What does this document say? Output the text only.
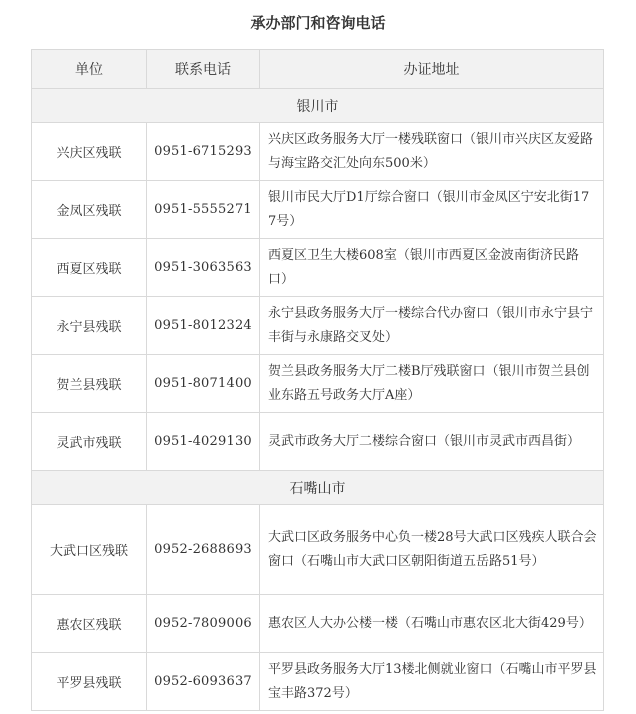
承办部门和咨询电话
单位	联系电话	办证地址
银川市		
兴庆区残联	0951-6715293	兴庆区政务服务大厅一楼残联窗口（银川市兴庆区友爱路与海宝路交汇处向东500米）
金凤区残联	0951-5555271	银川市民大厅D1厅综合窗口（银川市金凤区宁安北街177号）
西夏区残联	0951-3063563	西夏区卫生大楼608室（银川市西夏区金波南街济民路口）
永宁县残联	0951-8012324	永宁县政务服务大厅一楼综合代办窗口（银川市永宁县宁丰街与永康路交叉处）
贺兰县残联	0951-8071400	贺兰县政务服务大厅二楼B厅残联窗口（银川市贺兰县创业东路五号政务大厅A座）
灵武市残联	0951-4029130	灵武市政务大厅二楼综合窗口（银川市灵武市西昌街）
石嘴山市		
大武口区残联	0952-2688693	大武口区政务服务中心负一楼28号大武口区残疾人联合会窗口（石嘴山市大武口区朝阳街道五岳路51号）
惠农区残联	0952-7809006	惠农区人大办公楼一楼（石嘴山市惠农区北大街429号）
平罗县残联	0952-6093637	平罗县政务服务大厅13楼北侧就业窗口（石嘴山市平罗县宝丰路372号）
